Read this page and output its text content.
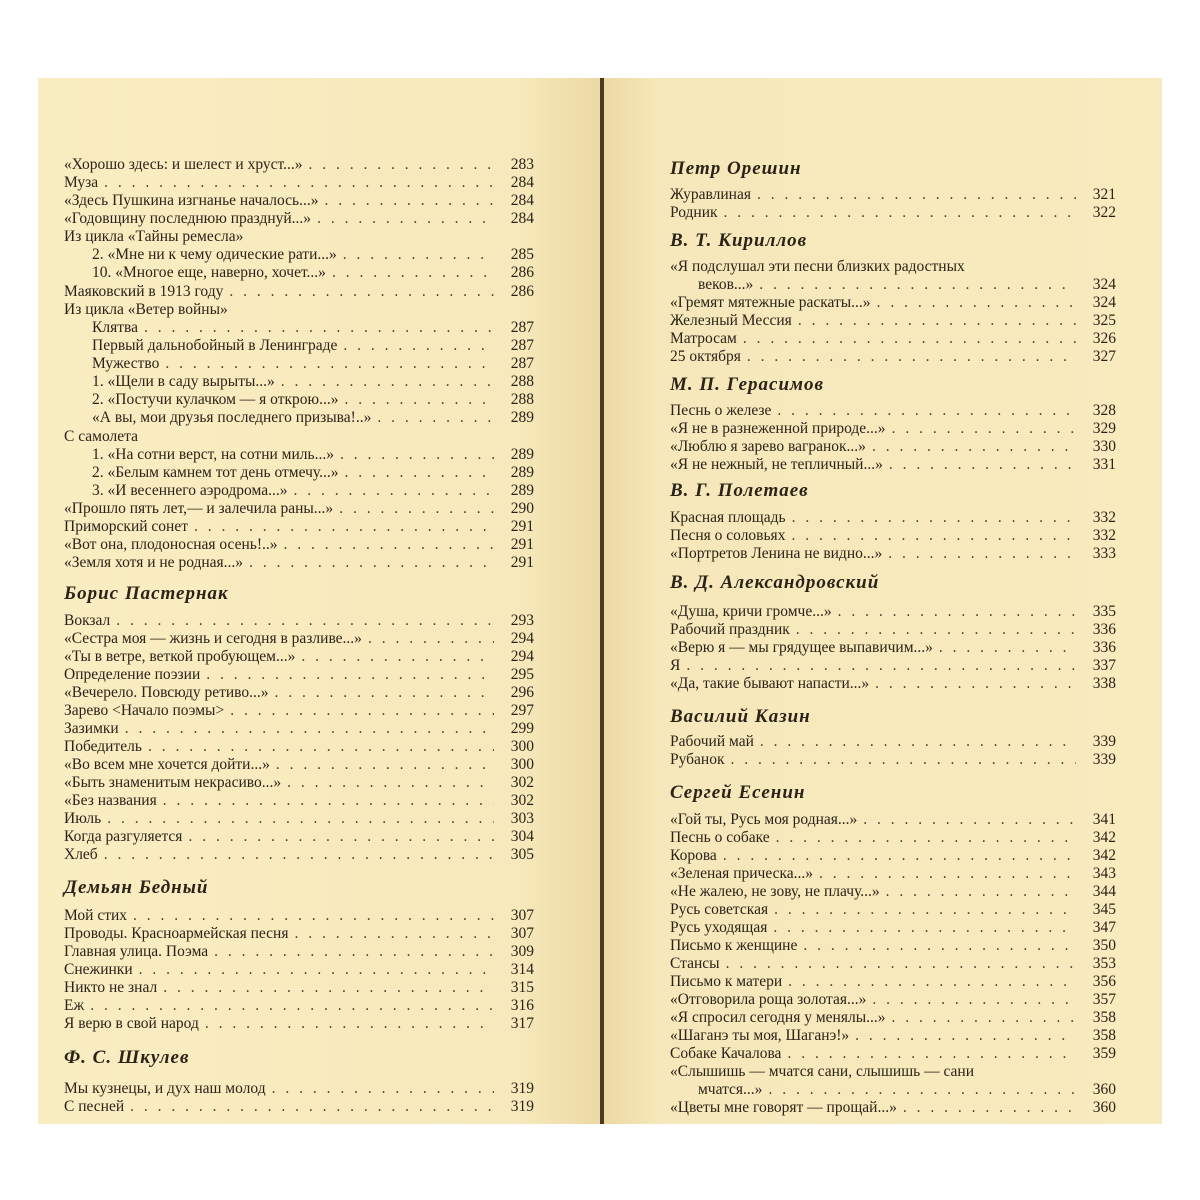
«Хорошо здесь: и шелест и хруст...» . . .	283
Муза . . .	284
«Здесь Пушкина изгнанье началось...» . . .	284
«Годовщину последнюю празднуй...» . . .	284
Из цикла «Тайны ремесла»
2. «Мне ни к чему одические рати...» . . .	285
10. «Многое еще, наверно, хочет...» . . .	286
Маяковский в 1913 году . . .	286
Из цикла «Ветер войны»
Клятва . . .	287
Первый дальнобойный в Ленинграде . . .	287
Мужество . . .	287
1. «Щели в саду вырыты...» . . .	288
2. «Постучи кулачком — я открою...» . . .	288
«А вы, мои друзья последнего призыва!..» . . .	289
С самолета
1. «На сотни верст, на сотни миль...» . . .	289
2. «Белым камнем тот день отмечу...» . . .	289
3. «И весеннего аэродрома...» . . .	289
«Прошло пять лет,— и залечила раны...» . . .	290
Приморский сонет . . .	291
«Вот она, плодоносная осень!..» . . .	291
«Земля хотя и не родная...» . . .	291
Борис Пастернак
Вокзал . . .	293
«Сестра моя — жизнь и сегодня в разливе...» . . .	294
«Ты в ветре, веткой пробующем...» . . .	294
Определение поэзии . . .	295
«Вечерело. Повсюду ретиво...» . . .	296
Зарево <Начало поэмы> . . .	297
Зазимки . . .	299
Победитель . . .	300
«Во всем мне хочется дойти...» . . .	300
«Быть знаменитым некрасиво...» . . .	302
«Без названия . . .	302
Июль . . .	303
Когда разгуляется . . .	304
Хлеб . . .	305
Демьян Бедный
Мой стих . . .	307
Проводы. Красноармейская песня . . .	307
Главная улица. Поэма . . .	309
Снежинки . . .	314
Никто не знал . . .	315
Еж . . .	316
Я верю в свой народ . . .	317
Ф. С. Шкулев
Мы кузнецы, и дух наш молод . . .	319
С песней . . .	319
Петр Орешин
Журавлиная . . .	321
Родник . . .	322
В. Т. Кириллов
«Я подслушал эти песни близких радостных
веков...» . . .	324
«Гремят мятежные раскаты...» . . .	324
Железный Мессия . . .	325
Матросам . . .	326
25 октября . . .	327
М. П. Герасимов
Песнь о железе . . .	328
«Я не в разнеженной природе...» . . .	329
«Люблю я зарево вагранок...» . . .	330
«Я не нежный, не тепличный...» . . .	331
В. Г. Полетаев
Красная площадь . . .	332
Песня о соловьях . . .	332
«Портретов Ленина не видно...» . . .	333
В. Д. Александровский
«Душа, кричи громче...» . . .	335
Рабочий праздник . . .	336
«Верю я — мы грядущее выпавичим...» . . .	336
Я . . .	337
«Да, такие бывают напасти...» . . .	338
Василий Казин
Рабочий май . . .	339
Рубанок . . .	339
Сергей Есенин
«Гой ты, Русь моя родная...» . . .	341
Песнь о собаке . . .	342
Корова . . .	342
«Зеленая прическа...» . . .	343
«Не жалею, не зову, не плачу...» . . .	344
Русь советская . . .	345
Русь уходящая . . .	347
Письмо к женщине . . .	350
Стансы . . .	353
Письмо к матери . . .	356
«Отговорила роща золотая...» . . .	357
«Я спросил сегодня у менялы...» . . .	358
«Шаганэ ты моя, Шаганэ!» . . .	358
Собаке Качалова . . .	359
«Слышишь — мчатся сани, слышишь — сани
мчатся...» . . .	360
«Цветы мне говорят — прощай...» . . .	360
